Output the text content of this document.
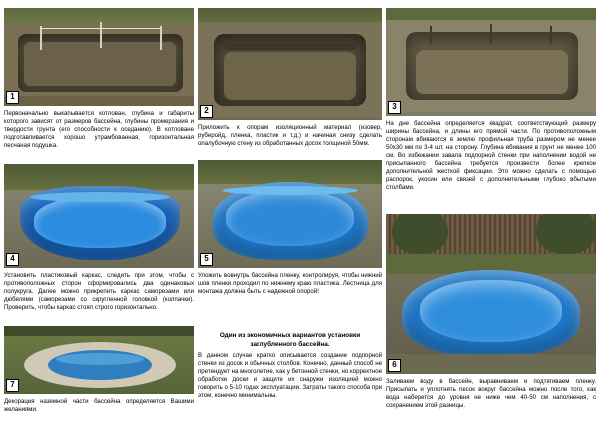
1
Первоначально выкапывается котлован, глубина и габариты которого зависят от размеров бассейна, глубины промерзания и твердости грунта (его способности к оседанию). В котловане подготавливается хорошо утрамбованная, горизонтальная песчаная подушка.
2
Приложить к опорам изоляционный материал (изовер, руберойд, пленка, пластик и т.д.) и начиная снизу сделать опалубочную стену из обработанных досок толщиной 50мм.
3
На дне бассейна определяется квадрат, соответствующий размеру ширины бассейна, и длины его прямой части. По противоположным сторонам вбиваются в землю профильная труба размером не менее 50х30 мм по 3-4 шт. на сторону. Глубина вбивания в грунт не менее 100 см. Во избежании завала подпорной стенки при наполнении водой не присыпанного бассейна требуется произвести более крепкое дополнительной жесткой фиксации. Это можно сделать с помощью распорок, укосин или связей с дополнительными глубоко вбытыми столбами.
4
Установить пластиковый каркас, следить при этом, чтобы с противоположных сторон сформировались два одинаковых полукруга. Далее можно прикрепить каркас саморезами или дюбелями (саморезами со скругленной головкой (колпачки). Проверить, чтобы каркас стоял строго горизонтально.
5
Уложить вовнутрь бассейна пленку, контролируя, чтобы нижний шов пленки проходил по нижнему краю пластика. Лестница для монтажа должна быть с надежной опорой!
6
Заливаем воду в бассейн, выравниваем и подтягиваем пленку. Присыпать и уплотнять песок вокруг бассейна можно после того, как вода наберется до уровня не ниже чем 40-50 см наполнения, с сохранением этой разницы.
Один из экономичных вариантов установки заглубленного бассейна.
В данном случае кратко описывается создание подпорной стенки из досок и обычных столбов. Конечно, данный способ не претендует на многолетие, как у бетонной стенки, но корректное обработке доски и защите их снаружи изоляцией можно говорить о 5-10 годах эксплуатации. Затраты такого способа при этом, конечно минимальны.
7
Декорация наземной части бассейна определяется Вашими желаниями.
